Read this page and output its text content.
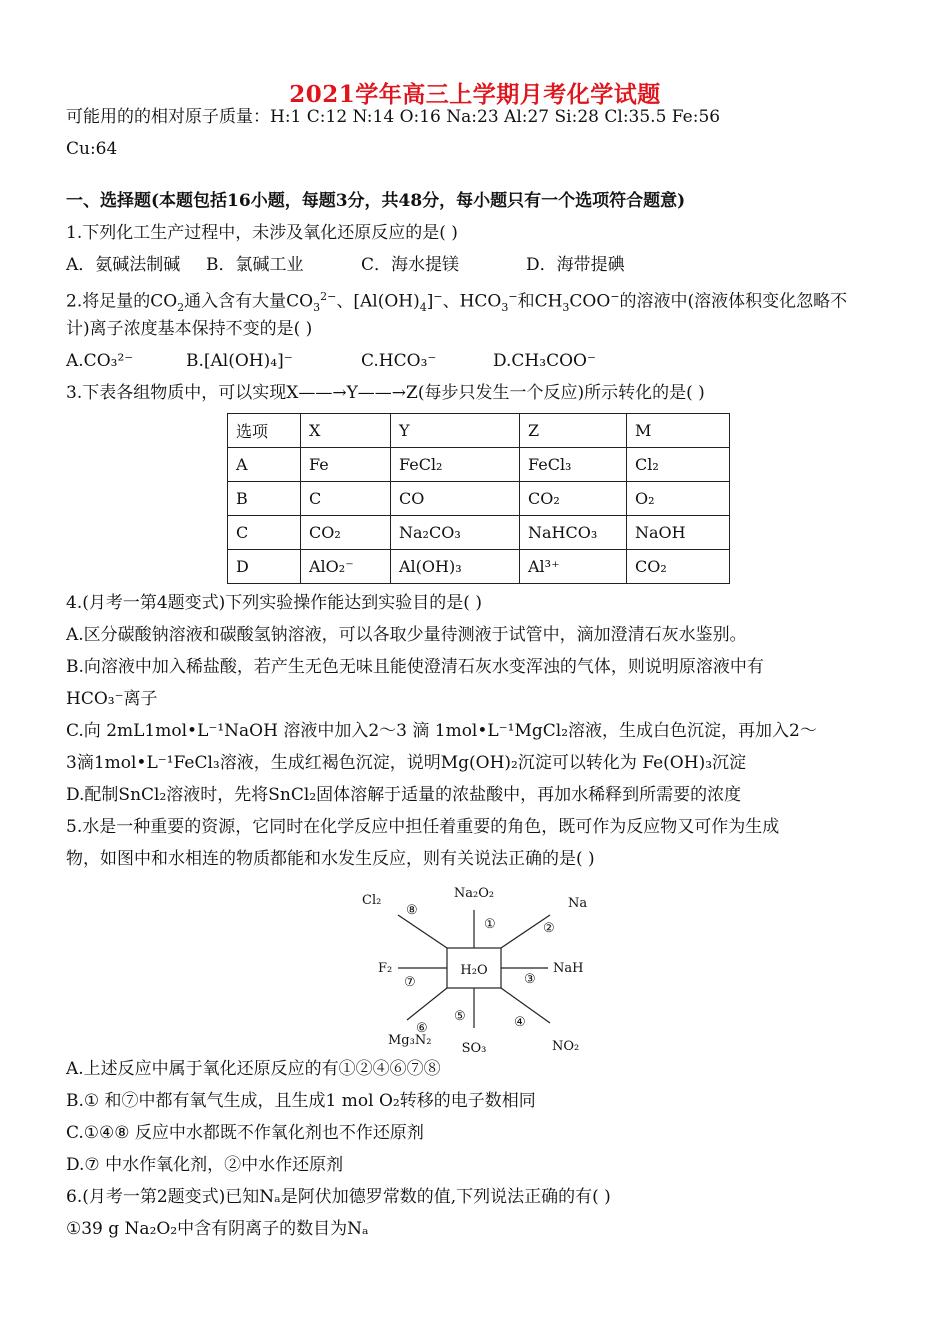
2021学年高三上学期月考化学试题
可能用的的相对原子质量：H:1 C:12 N:14 O:16 Na:23 Al:27 Si:28 Cl:35.5 Fe:56
Cu:64
一、选择题(本题包括16小题，每题3分，共48分，每小题只有一个选项符合题意)
1.下列化工生产过程中，未涉及氧化还原反应的是( )
A．氨碱法制碱 B．氯碱工业	C．海水提镁	D．海带提碘
2.将足量的$CO_2$通入含有大量$CO_3^{2-}$、$[Al(OH)_4]^-$、$HCO_3^-$和$CH_3COO^-$的溶液中(溶液体积变化忽略不
计)离子浓度基本保持不变的是( )
A.CO₃²⁻	B.[Al(OH)₄]⁻	C.HCO₃⁻	D.CH₃COO⁻
3.下表各组物质中，可以实现X——→Y——→Z(每步只发生一个反应)所示转化的是( )
选项	X	Y	Z	M
A	Fe	FeCl₂	FeCl₃	Cl₂
B	C	CO	CO₂	O₂
C	CO₂	Na₂CO₃	NaHCO₃	NaOH
D	AlO₂⁻	Al(OH)₃	Al³⁺	CO₂
4.(月考一第4题变式)下列实验操作能达到实验目的是( )
A.区分碳酸钠溶液和碳酸氢钠溶液，可以各取少量待测液于试管中，滴加澄清石灰水鉴别。
B.向溶液中加入稀盐酸，若产生无色无味且能使澄清石灰水变浑浊的气体，则说明原溶液中有
HCO₃⁻离子
C.向 2mL1mol•L⁻¹NaOH 溶液中加入2～3 滴 1mol•L⁻¹MgCl₂溶液，生成白色沉淀，再加入2～
3滴1mol•L⁻¹FeCl₃溶液，生成红褐色沉淀，说明Mg(OH)₂沉淀可以转化为 Fe(OH)₃沉淀
D.配制SnCl₂溶液时，先将SnCl₂固体溶解于适量的浓盐酸中，再加水稀释到所需要的浓度
5.水是一种重要的资源，它同时在化学反应中担任着重要的角色，既可作为反应物又可作为生成
物，如图中和水相连的物质都能和水发生反应，则有关说法正确的是( )
H₂O
Na₂O₂
Na
NaH
NO₂
SO₃
Mg₃N₂
F₂
Cl₂
①	②
③
④
⑤
⑥
⑦
⑧
A.上述反应中属于氧化还原反应的有①②④⑥⑦⑧
B.① 和⑦中都有氧气生成，且生成1 mol O₂转移的电子数相同
C.①④⑧ 反应中水都既不作氧化剂也不作还原剂
D.⑦ 中水作氧化剂，②中水作还原剂
6.(月考一第2题变式)已知Nₐ是阿伏加德罗常数的值,下列说法正确的有( )
①39 g Na₂O₂中含有阴离子的数目为Nₐ
